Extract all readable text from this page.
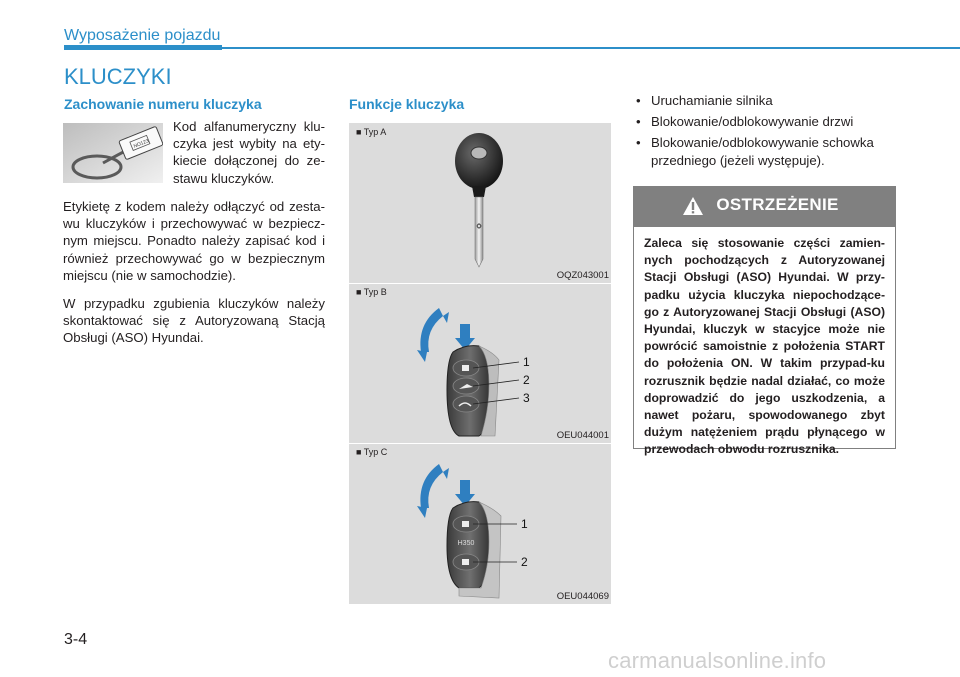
Wyposażenie pojazdu
KLUCZYKI
Zachowanie numeru kluczyka
NO123
Kod alfanumeryczny klu-czyka jest wybity na ety-kiecie dołączonej do ze-stawu kluczyków.
Etykietę z kodem należy odłączyć od zesta-wu kluczyków i przechowywać w bezpiecz-nym miejscu. Ponadto należy zapisać kod i również przechowywać go w bezpiecznym miejscu (nie w samochodzie).
W przypadku zgubienia kluczyków należy skontaktować się z Autoryzowaną Stacją Obsługi (ASO) Hyundai.
Funkcje kluczyka
■ Typ A
OQZ043001
■ Typ B
1
2
3
OEU044001
■ Typ C
H350
1
2
OEU044069
• Uruchamianie silnika
• Blokowanie/odblokowywanie drzwi
• Blokowanie/odblokowywanie schowka przedniego (jeżeli występuje).
OSTRZEŻENIE
Zaleca się stosowanie części zamien-nych pochodzących z Autoryzowanej Stacji Obsługi (ASO) Hyundai. W przy-padku użycia kluczyka niepochodzące-go z Autoryzowanej Stacji Obsługi (ASO) Hyundai, kluczyk w stacyjce może nie powrócić samoistnie z położenia START do położenia ON. W takim przypad-ku rozrusznik będzie nadal działać, co może doprowadzić do jego uszkodzenia, a nawet pożaru, spowodowanego zbyt dużym natężeniem prądu płynącego w przewodach obwodu rozrusznika.
3-4
carmanualsonline.info
